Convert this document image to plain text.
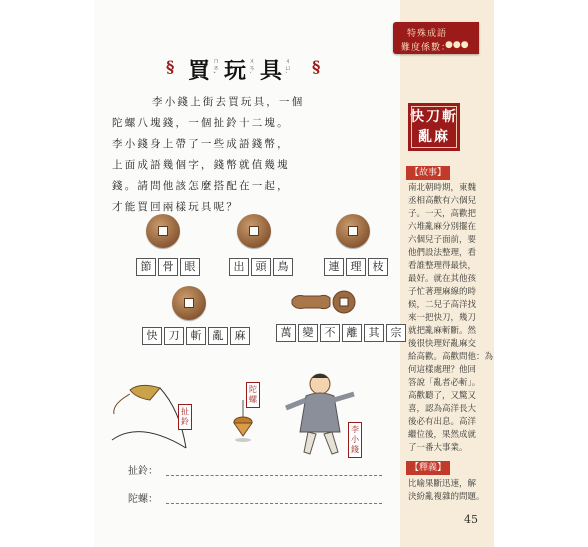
§ 買 ㄇㄞˇ 玩 ㄨㄢˊ 具 ㄐㄩˋ §
李小錢上街去買玩具，一個
陀螺八塊錢，一個扯鈴十二塊。
李小錢身上帶了一些成語錢幣，
上面成語幾個字，錢幣就值幾塊
錢。請問他該怎麼搭配在一起，
才能買回兩樣玩具呢？
節	骨	眼	出	頭	鳥	連	理	枝
快	刀	斬	亂	麻	萬	變	不	離	其	宗
扯鈴
陀螺
李小錢
扯鈴：
陀螺：
特殊成語
難度係數：
●●●
快刀斬
亂麻
【故事】
南北朝時期，東魏
丞相高歡有六個兒
子。一天，高歡把
六堆亂麻分別擺在
六個兒子面前，要
他們設法整理，看
看誰整理得最快，
最好。就在其他孩
子忙著理麻線的時
候，二兒子高洋找
來一把快刀，幾刀
就把亂麻斬斷。然
後很快理好亂麻交
給高歡。高歡問他：為
何這樣處理？他回
答說「亂者必斬」。
高歡聽了，又驚又
喜，認為高洋長大
後必有出息。高洋
繼位後，果然成就
了一番大事業。
【釋義】
比喻果斷迅速，解
決紛亂複雜的問題。
45
